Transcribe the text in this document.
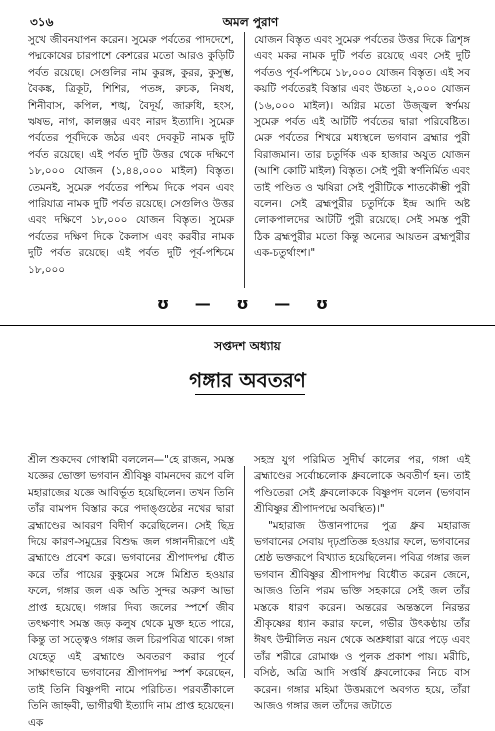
৩১৬	অমল পুরাণ

সুখে জীবনযাপন করেন। সুমেরু পর্বতের পাদদেশে, পদ্মকোষের চারপাশে কেশরের মতো আরও কুড়িটি পর্বত রয়েছে। সেগুলির নাম কুরঙ্গ, কুরর, কুসুম্ভ, বৈকঙ্ক, ত্রিকূট, শিশির, পতঙ্গ, রুচক, নিষধ, শিনীবাস, কপিল, শঙ্খ, বৈদূর্য, জারুধি, হংস, ঋষভ, নাগ, কালঞ্জর এবং নারদ ইত্যাদি। সুমেরু পর্বতের পূর্বদিকে জঠর এবং দেবকূট নামক দুটি পর্বত রয়েছে। এই পর্বত দুটি উত্তর থেকে দক্ষিণে ১৮,০০০ যোজন (১,৪৪,০০০ মাইল) বিস্তৃত। তেমনই, সুমেরু পর্বতের পশ্চিম দিকে পবন এবং পারিযাত্র নামক দুটি পর্বত রয়েছে। সেগুলিও উত্তর এবং দক্ষিণে ১৮,০০০ যোজন বিস্তৃত। সুমেরু পর্বতের দক্ষিণ দিকে কৈলাস এবং করবীর নামক দুটি পর্বত রয়েছে। এই পর্বত দুটি পূর্ব-পশ্চিমে ১৮,০০০

যোজন বিস্তৃত এবং সুমেরু পর্বতের উত্তর দিকে ত্রিশৃঙ্গ এবং মকর নামক দুটি পর্বত রয়েছে এবং সেই দুটি পর্বতও পূর্ব-পশ্চিমে ১৮,০০০ যোজন বিস্তৃত। এই সব কয়টি পর্বতেরই বিস্তার এবং উচ্চতা ২,০০০ যোজন (১৬,০০০ মাইল)। অগ্নির মতো উজ্জ্বল স্বর্ণময় সুমেরু পর্বত এই আটটি পর্বতের দ্বারা পরিবেষ্টিত। মেরু পর্বতের শিখরে মধ্যস্থলে ভগবান ব্রহ্মার পুরী বিরাজমান। তার চতুর্দিক এক হাজার অযুত যোজন (আশি কোটি মাইল) বিস্তৃত। সেই পুরী স্বর্ণনির্মিত এবং তাই পণ্ডিত ও ঋষিরা সেই পুরীটিকে শাতকৌম্ভী পুরী বলেন। সেই ব্রহ্মপুরীর চতুর্দিকে ইন্দ্র আদি অষ্ট লোকপালদের আটটি পুরী রয়েছে। সেই সমস্ত পুরী ঠিক ব্রহ্মপুরীর মতো কিন্তু অন্যের আয়তন ব্রহ্মপুরীর এক-চতুর্থাংশ।"

ʊ — ʊ — ʊ
সপ্তদশ অধ্যায়
গঙ্গার অবতরণ

শ্রীল শুকদেব গোস্বামী বললেন—"হে রাজন, সমস্ত যজ্ঞের ভোক্তা ভগবান শ্রীবিষ্ণু বামনদেব রূপে বলি মহারাজের যজ্ঞে আবির্ভূত হয়েছিলেন। তখন তিনি তাঁর বামপদ বিস্তার করে পদাঙ্গুষ্ঠের নখের দ্বারা ব্রহ্মাণ্ডের আবরণ বিদীর্ণ করেছিলেন। সেই ছিদ্র দিয়ে কারণ-সমুদ্রের বিশুদ্ধ জল গঙ্গানদীরূপে এই ব্রহ্মাণ্ডে প্রবেশ করে। ভগবানের শ্রীপাদপদ্ম ধৌত করে তাঁর পায়ের কুঙ্কুমের সঙ্গে মিশ্রিত হওয়ার ফলে, গঙ্গার জল এক অতি সুন্দর অরুণ আভা প্রাপ্ত হয়েছে। গঙ্গার দিব্য জলের স্পর্শে জীব তৎক্ষণাৎ সমস্ত জড় কলুষ থেকে মুক্ত হতে পারে, কিন্তু তা সত্ত্বেও গঙ্গার জল চিরপবিত্র থাকে। গঙ্গা যেহেতু এই ব্রহ্মাণ্ডে অবতরণ করার পূর্বে সাক্ষাৎভাবে ভগবানের শ্রীপাদপদ্ম স্পর্শ করেছেন, তাই তিনি বিষ্ণুপদী নামে পরিচিত। পরবর্তীকালে তিনি জাহ্নবী, ভাগীরথী ইত্যাদি নাম প্রাপ্ত হয়েছেন। এক

সহস্র যুগ পরিমিত সুদীর্ঘ কালের পর, গঙ্গা এই ব্রহ্মাণ্ডের সর্বোচ্চলোক ধ্রুবলোকে অবতীর্ণ হন। তাই পণ্ডিতেরা সেই ধ্রুবলোককে বিষ্ণুপদ বলেন (ভগবান শ্রীবিষ্ণুর শ্রীপাদপদ্মে অবস্থিত)।"

"মহারাজ উত্তানপাদের পুত্র ধ্রুব মহারাজ ভগবানের সেবায় দৃঢ়প্রতিজ্ঞ হওয়ার ফলে, ভগবানের শ্রেষ্ঠ ভক্তরূপে বিখ্যাত হয়েছিলেন। পবিত্র গঙ্গার জল ভগবান শ্রীবিষ্ণুর শ্রীপাদপদ্ম বিধৌত করেন জেনে, আজও তিনি পরম ভক্তি সহকারে সেই জল তাঁর মস্তকে ধারণ করেন। অন্তরের অন্তস্তলে নিরন্তর শ্রীকৃষ্ণের ধ্যান করার ফলে, গভীর উৎকণ্ঠায় তাঁর ঈষৎ উন্মীলিত নয়ন থেকে অশ্রুধারা ঝরে পড়ে এবং তাঁর শরীরে রোমাঞ্চ ও পুলক প্রকাশ পায়। মরীচি, বসিষ্ঠ, অত্রি আদি সপ্তর্ষি ধ্রুবলোকের নিচে বাস করেন। গঙ্গার মহিমা উত্তমরূপে অবগত হয়ে, তাঁরা আজও গঙ্গার জল তাঁদের জটাতে
